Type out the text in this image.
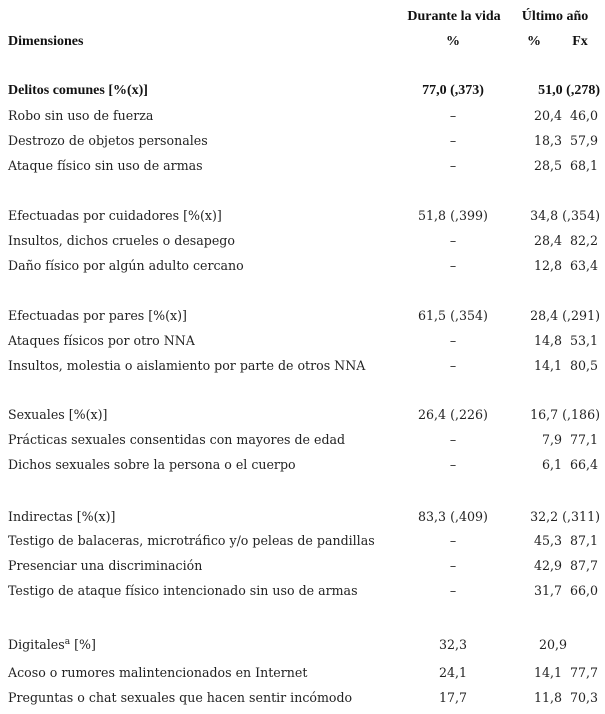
Durante la vida	Último año
Dimensiones	%	%	Fx
Delitos comunes [%(x)]	77,0 (,373)	51,0 (,278)
Robo sin uso de fuerza	–	20,4 46,0
Destrozo de objetos personales	–	18,3 57,9
Ataque físico sin uso de armas	–	28,5 68,1
Efectuadas por cuidadores [%(x)]	51,8 (,399)	34,8 (,354)
Insultos, dichos crueles o desapego	–	28,4 82,2
Daño físico por algún adulto cercano	–	12,8 63,4
Efectuadas por pares [%(x)]	61,5 (,354)	28,4 (,291)
Ataques físicos por otro NNA	–	14,8 53,1
Insultos, molestia o aislamiento por parte de otros NNA	–	14,1 80,5
Sexuales [%(x)]	26,4 (,226)	16,7 (,186)
Prácticas sexuales consentidas con mayores de edad	–	7,9 77,1
Dichos sexuales sobre la persona o el cuerpo	–	6,1 66,4
Indirectas [%(x)]	83,3 (,409)	32,2 (,311)
Testigo de balaceras, microtráfico y/o peleas de pandillas	–	45,3 87,1
Presenciar una discriminación	–	42,9 87,7
Testigo de ataque físico intencionado sin uso de armas	–	31,7 66,0
Digitales$^a$ [%]	32,3	20,9
Acoso o rumores malintencionados en Internet	24,1	14,1 77,7
Preguntas o chat sexuales que hacen sentir incómodo	17,7	11,8 70,3
